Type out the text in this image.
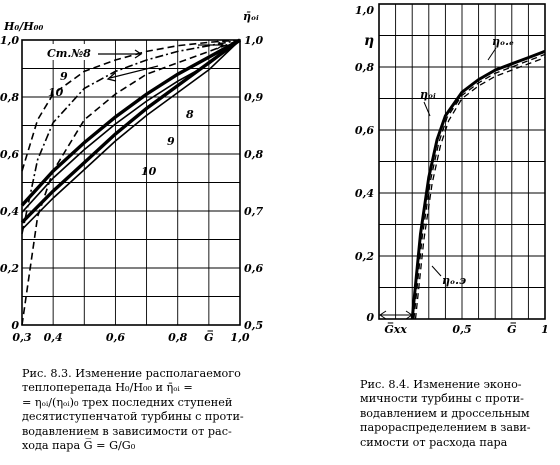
0,3 0,4	0,6	0,8 G̅ 1,0
0
0,2
0,4
0,6
0,8
1,0
0,5
0,6
0,7
0,8
0,9
1,0
H₀/H₀₀
η̄ₒᵢ
Ст.№8
9
10
8
9
10
G̅xx	0,5	G̅ 1
0
0,2
0,4
0,6
0,8
1,0
η
ηₒᵢ
ηₒ.ₑ
ηₒ.э
Рис. 8.3. Изменение располагаемого
теплоперепада H₀/H₀₀ и η̄ₒᵢ =
= ηₒᵢ/(ηₒᵢ)₀ трех последних ступеней
десятиступенчатой турбины с проти-
водавлением в зависимости от рас-
хода пара G̅ = G/G₀
Рис. 8.4. Изменение эконо-
мичности турбины с проти-
водавлением и дроссельным
парораспределением в зави-
симости от расхода пара
